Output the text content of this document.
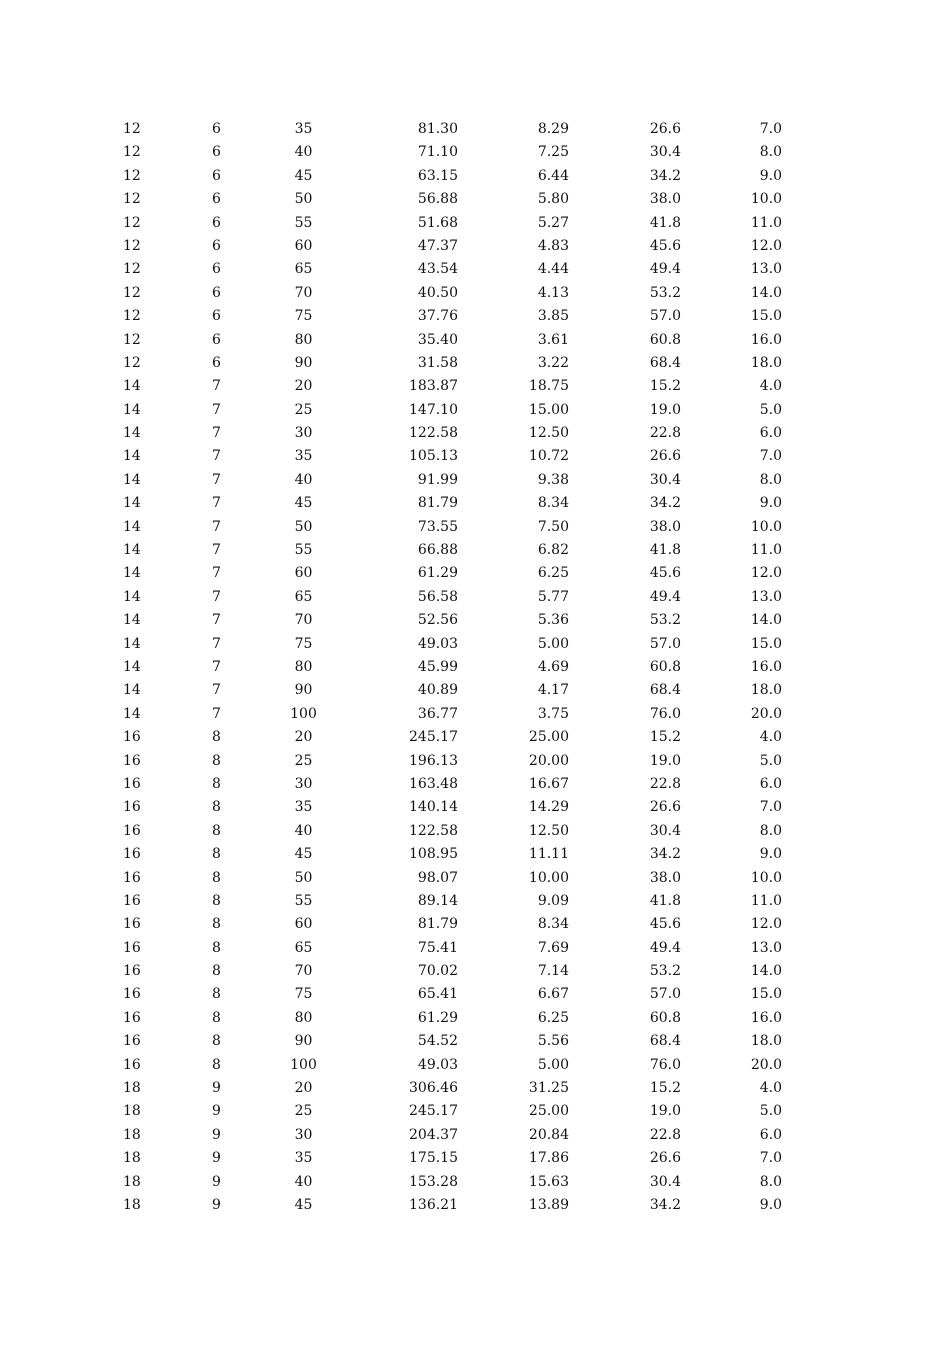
12	6	35	81.30	8.29	26.6	7.0
12	6	40	71.10	7.25	30.4	8.0
12	6	45	63.15	6.44	34.2	9.0
12	6	50	56.88	5.80	38.0	10.0
12	6	55	51.68	5.27	41.8	11.0
12	6	60	47.37	4.83	45.6	12.0
12	6	65	43.54	4.44	49.4	13.0
12	6	70	40.50	4.13	53.2	14.0
12	6	75	37.76	3.85	57.0	15.0
12	6	80	35.40	3.61	60.8	16.0
12	6	90	31.58	3.22	68.4	18.0
14	7	20	183.87	18.75	15.2	4.0
14	7	25	147.10	15.00	19.0	5.0
14	7	30	122.58	12.50	22.8	6.0
14	7	35	105.13	10.72	26.6	7.0
14	7	40	91.99	9.38	30.4	8.0
14	7	45	81.79	8.34	34.2	9.0
14	7	50	73.55	7.50	38.0	10.0
14	7	55	66.88	6.82	41.8	11.0
14	7	60	61.29	6.25	45.6	12.0
14	7	65	56.58	5.77	49.4	13.0
14	7	70	52.56	5.36	53.2	14.0
14	7	75	49.03	5.00	57.0	15.0
14	7	80	45.99	4.69	60.8	16.0
14	7	90	40.89	4.17	68.4	18.0
14	7	100	36.77	3.75	76.0	20.0
16	8	20	245.17	25.00	15.2	4.0
16	8	25	196.13	20.00	19.0	5.0
16	8	30	163.48	16.67	22.8	6.0
16	8	35	140.14	14.29	26.6	7.0
16	8	40	122.58	12.50	30.4	8.0
16	8	45	108.95	11.11	34.2	9.0
16	8	50	98.07	10.00	38.0	10.0
16	8	55	89.14	9.09	41.8	11.0
16	8	60	81.79	8.34	45.6	12.0
16	8	65	75.41	7.69	49.4	13.0
16	8	70	70.02	7.14	53.2	14.0
16	8	75	65.41	6.67	57.0	15.0
16	8	80	61.29	6.25	60.8	16.0
16	8	90	54.52	5.56	68.4	18.0
16	8	100	49.03	5.00	76.0	20.0
18	9	20	306.46	31.25	15.2	4.0
18	9	25	245.17	25.00	19.0	5.0
18	9	30	204.37	20.84	22.8	6.0
18	9	35	175.15	17.86	26.6	7.0
18	9	40	153.28	15.63	30.4	8.0
18	9	45	136.21	13.89	34.2	9.0
